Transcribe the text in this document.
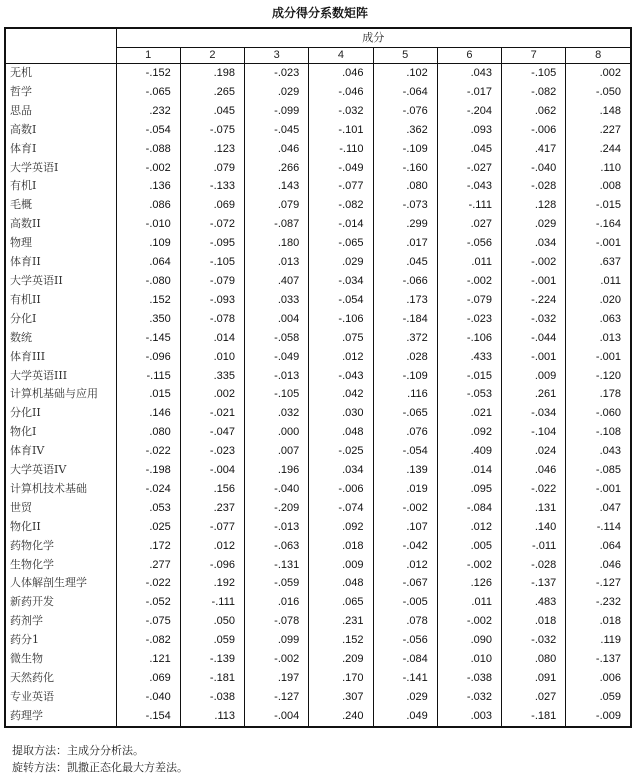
成分得分系数矩阵
	成分							
	1	2	3	4	5	6	7	8
无机	-.152	.198	-.023	.046	.102	.043	-.105	.002
哲学	-.065	.265	.029	-.046	-.064	-.017	-.082	-.050
思品	.232	.045	-.099	-.032	-.076	-.204	.062	.148
高数I	-.054	-.075	-.045	-.101	.362	.093	-.006	.227
体育I	-.088	.123	.046	-.110	-.109	.045	.417	.244
大学英语I	-.002	.079	.266	-.049	-.160	-.027	-.040	.110
有机I	.136	-.133	.143	-.077	.080	-.043	-.028	.008
毛概	.086	.069	.079	-.082	-.073	-.111	.128	-.015
高数II	-.010	-.072	-.087	-.014	.299	.027	.029	-.164
物理	.109	-.095	.180	-.065	.017	-.056	.034	-.001
体育II	.064	-.105	.013	.029	.045	.011	-.002	.637
大学英语II	-.080	-.079	.407	-.034	-.066	-.002	-.001	.011
有机II	.152	-.093	.033	-.054	.173	-.079	-.224	.020
分化I	.350	-.078	.004	-.106	-.184	-.023	-.032	.063
数统	-.145	.014	-.058	.075	.372	-.106	-.044	.013
体育III	-.096	.010	-.049	.012	.028	.433	-.001	-.001
大学英语III	-.115	.335	-.013	-.043	-.109	-.015	.009	-.120
计算机基础与应用	.015	.002	-.105	.042	.116	-.053	.261	.178
分化II	.146	-.021	.032	.030	-.065	.021	-.034	-.060
物化I	.080	-.047	.000	.048	.076	.092	-.104	-.108
体育IV	-.022	-.023	.007	-.025	-.054	.409	.024	.043
大学英语IV	-.198	-.004	.196	.034	.139	.014	.046	-.085
计算机技术基础	-.024	.156	-.040	-.006	.019	.095	-.022	-.001
世贸	.053	.237	-.209	-.074	-.002	-.084	.131	.047
物化II	.025	-.077	-.013	.092	.107	.012	.140	-.114
药物化学	.172	.012	-.063	.018	-.042	.005	-.011	.064
生物化学	.277	-.096	-.131	.009	.012	-.002	-.028	.046
人体解剖生理学	-.022	.192	-.059	.048	-.067	.126	-.137	-.127
新药开发	-.052	-.111	.016	.065	-.005	.011	.483	-.232
药剂学	-.075	.050	-.078	.231	.078	-.002	.018	.018
药分1	-.082	.059	.099	.152	-.056	.090	-.032	.119
微生物	.121	-.139	-.002	.209	-.084	.010	.080	-.137
天然药化	.069	-.181	.197	.170	-.141	-.038	.091	.006
专业英语	-.040	-.038	-.127	.307	.029	-.032	.027	.059
药理学	-.154	.113	-.004	.240	.049	.003	-.181	-.009
提取方法：主成分分析法。
旋转方法：凯撒正态化最大方差法。
